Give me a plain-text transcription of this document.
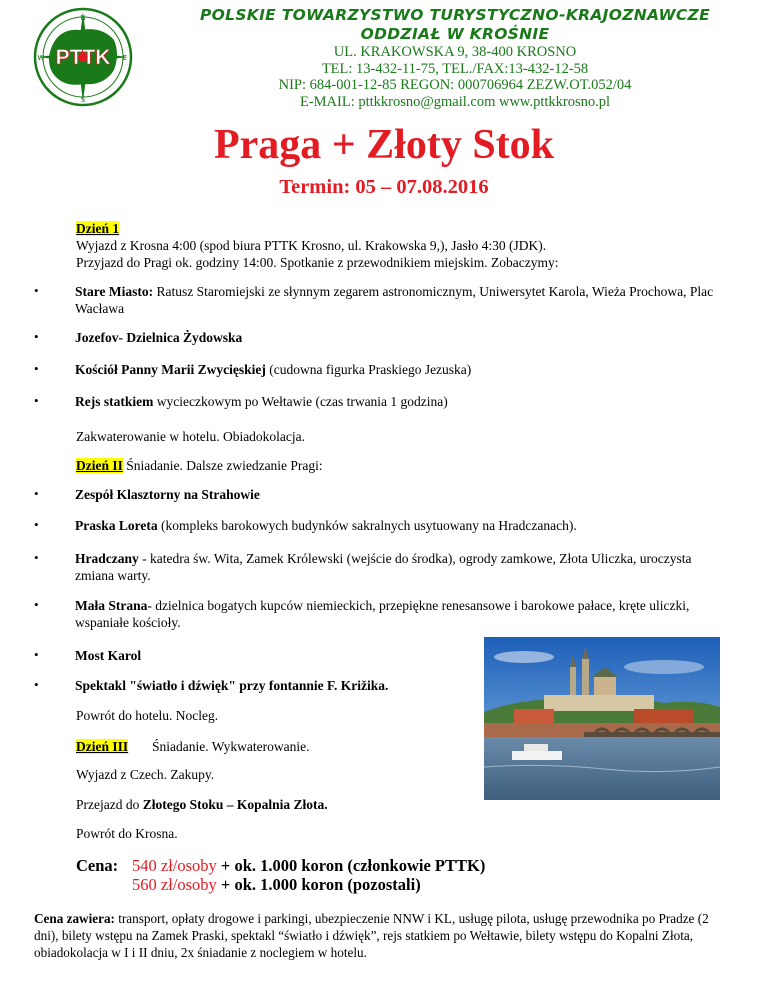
PTTK
N
E
S
W
POLSKIE TOWARZYSTWO TURYSTYCZNO-KRAJOZNAWCZE
ODDZIAŁ W KROŚNIE
UL. KRAKOWSKA 9, 38-400 KROSNO
TEL: 13-432-11-75, TEL./FAX:13-432-12-58
NIP: 684-001-12-85 REGON: 000706964 ZEZW.OT.052/04
E-MAIL: pttkkrosno@gmail.com www.pttkkrosno.pl
Praga + Złoty Stok
Termin: 05 – 07.08.2016
Dzień 1
Wyjazd z Krosna 4:00 (spod biura PTTK Krosno, ul. Krakowska 9,), Jasło 4:30 (JDK).
Przyjazd do Pragi ok. godziny 14:00. Spotkanie z przewodnikiem miejskim. Zobaczymy:
•	Stare Miasto: Ratusz Staromiejski ze słynnym zegarem astronomicznym, Uniwersytet Karola, Wieża Prochowa, Plac Wacława
•	Jozefov- Dzielnica Żydowska
•	Kościół Panny Marii Zwycięskiej (cudowna figurka Praskiego Jezuska)
•	Rejs statkiem wycieczkowym po Wełtawie (czas trwania 1 godzina)
Zakwaterowanie w hotelu. Obiadokolacja.
Dzień II Śniadanie. Dalsze zwiedzanie Pragi:
•	Zespół Klasztorny na Strahowie
•	Praska Loreta (kompleks barokowych budynków sakralnych usytuowany na Hradczanach).
•	Hradczany - katedra św. Wita, Zamek Królewski (wejście do środka), ogrody zamkowe, Złota Uliczka, uroczysta zmiana warty.
•	Mała Strana- dzielnica bogatych kupców niemieckich, przepiękne renesansowe i barokowe pałace, kręte uliczki, wspaniałe kościoły.
•	Most Karol
•	Spektakl "światło i dźwięk" przy fontannie F. Križika.
Powrót do hotelu. Nocleg.
Dzień III Śniadanie. Wykwaterowanie.
Wyjazd z Czech. Zakupy.
Przejazd do Złotego Stoku – Kopalnia Złota.
Powrót do Krosna.
Cena: 540 zł/osoby + ok. 1.000 koron (członkowie PTTK)
560 zł/osoby + ok. 1.000 koron (pozostali)
Cena zawiera: transport, opłaty drogowe i parkingi, ubezpieczenie NNW i KL, usługę pilota, usługę przewodnika po Pradze (2 dni), bilety wstępu na Zamek Praski, spektakl “światło i dźwięk”, rejs statkiem po Wełtawie, bilety wstępu do Kopalni Złota, obiadokolacja w I i II dniu, 2x śniadanie z noclegiem w hotelu.
